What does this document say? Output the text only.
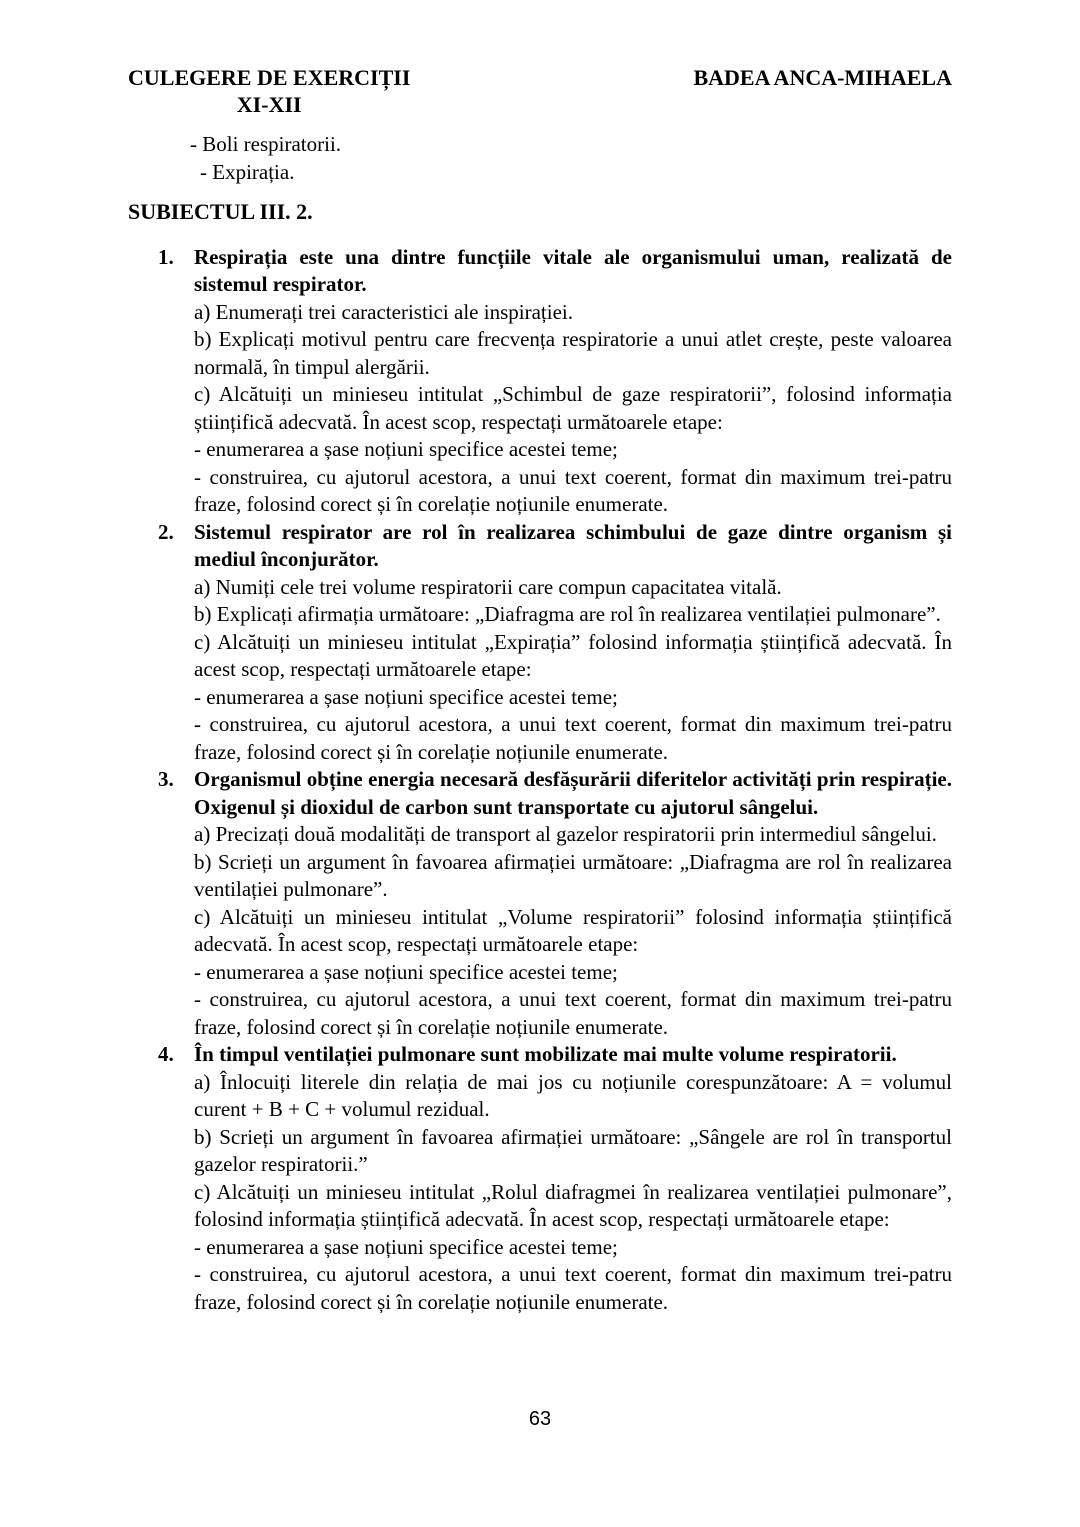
CULEGERE DE EXERCIȚII
XI-XII
BADEA ANCA-MIHAELA
- Boli respiratorii.
- Expirația.
SUBIECTUL III. 2.
1. Respirația este una dintre funcțiile vitale ale organismului uman, realizată de sistemul respirator.

a) Enumerați trei caracteristici ale inspirației.

b) Explicați motivul pentru care frecvența respiratorie a unui atlet crește, peste valoarea normală, în timpul alergării.

c) Alcătuiți un minieseu intitulat „Schimbul de gaze respiratorii”, folosind informația științifică adecvată. În acest scop, respectați următoarele etape:

- enumerarea a șase noțiuni specifice acestei teme;

- construirea, cu ajutorul acestora, a unui text coerent, format din maximum trei-patru fraze, folosind corect și în corelație noțiunile enumerate.

2. Sistemul respirator are rol în realizarea schimbului de gaze dintre organism și mediul înconjurător.

a) Numiți cele trei volume respiratorii care compun capacitatea vitală.

b) Explicați afirmația următoare: „Diafragma are rol în realizarea ventilației pulmonare”.

c) Alcătuiți un minieseu intitulat „Expirația” folosind informația științifică adecvată. În acest scop, respectați următoarele etape:

- enumerarea a șase noțiuni specifice acestei teme;

- construirea, cu ajutorul acestora, a unui text coerent, format din maximum trei-patru fraze, folosind corect și în corelație noțiunile enumerate.

3. Organismul obține energia necesară desfășurării diferitelor activități prin respirație. Oxigenul și dioxidul de carbon sunt transportate cu ajutorul sângelui.

a) Precizați două modalități de transport al gazelor respiratorii prin intermediul sângelui.

b) Scrieți un argument în favoarea afirmației următoare: „Diafragma are rol în realizarea ventilației pulmonare”.

c) Alcătuiți un minieseu intitulat „Volume respiratorii” folosind informația științifică adecvată. În acest scop, respectați următoarele etape:

- enumerarea a șase noțiuni specifice acestei teme;

- construirea, cu ajutorul acestora, a unui text coerent, format din maximum trei-patru fraze, folosind corect și în corelație noțiunile enumerate.

4. În timpul ventilației pulmonare sunt mobilizate mai multe volume respiratorii.

a) Înlocuiți literele din relația de mai jos cu noțiunile corespunzătoare: A = volumul curent + B + C + volumul rezidual.

b) Scrieți un argument în favoarea afirmației următoare: „Sângele are rol în transportul gazelor respiratorii.”

c) Alcătuiți un minieseu intitulat „Rolul diafragmei în realizarea ventilației pulmonare”, folosind informația științifică adecvată. În acest scop, respectați următoarele etape:

- enumerarea a șase noțiuni specifice acestei teme;

- construirea, cu ajutorul acestora, a unui text coerent, format din maximum trei-patru fraze, folosind corect și în corelație noțiunile enumerate.

63
